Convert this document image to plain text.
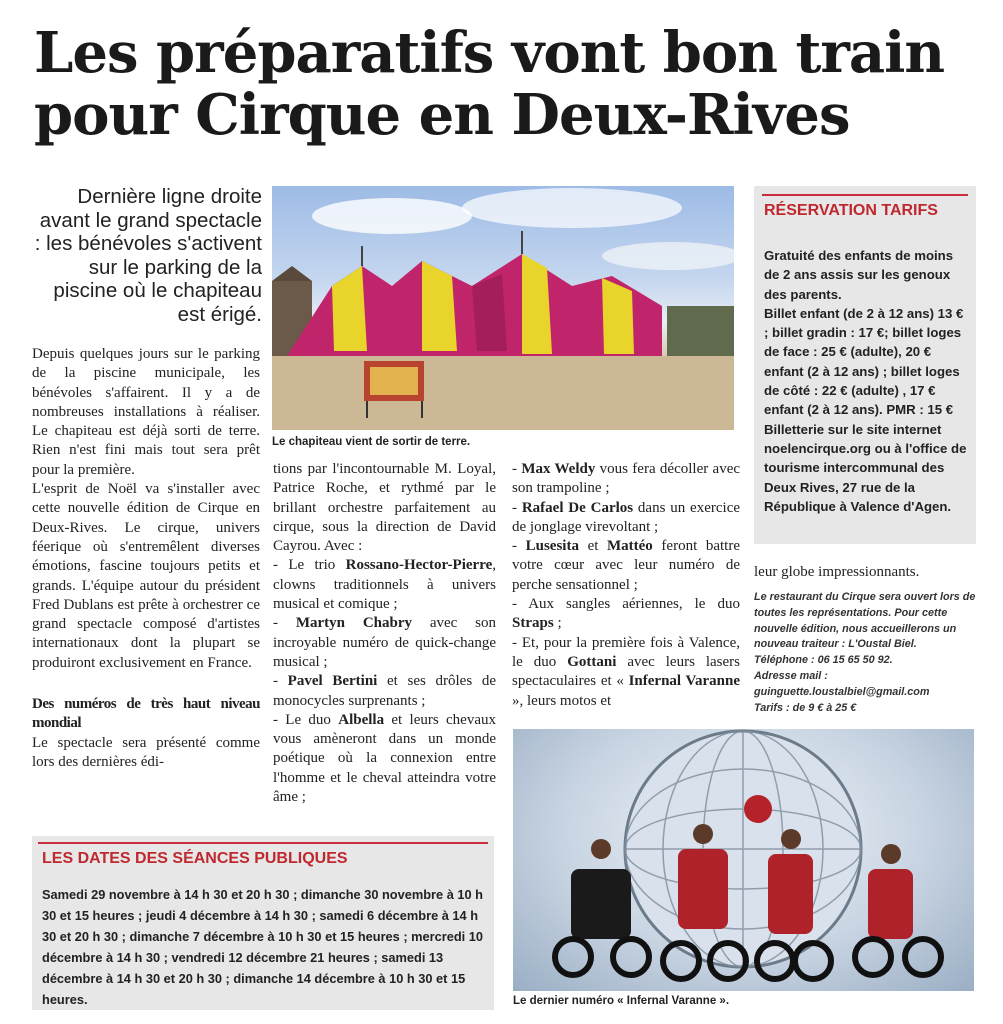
Les préparatifs vont bon train
pour Cirque en Deux-Rives
Dernière ligne droite avant le grand spectacle : les bénévoles s'activent sur le parking de la piscine où le chapiteau est érigé.

Depuis quelques jours sur le parking de la piscine municipale, les bénévoles s'affairent. Il y a de nombreuses installations à réaliser. Le chapiteau est déjà sorti de terre. Rien n'est fini mais tout sera prêt pour la première.

L'esprit de Noël va s'installer avec cette nouvelle édition de Cirque en Deux-Rives. Le cirque, univers féerique où s'entremêlent diverses émotions, fascine toujours petits et grands. L'équipe autour du président Fred Dublans est prête à orchestrer ce grand spectacle composé d'artistes internationaux dont la plupart se produiront exclusivement en France.

Des numéros de très haut niveau mondial

Le spectacle sera présenté comme lors des dernières édi-

Le chapiteau vient de sortir de terre.

tions par l'incontournable M. Loyal, Patrice Roche, et rythmé par le brillant orchestre parfaitement au cirque, sous la direction de David Cayrou. Avec :

- Le trio Rossano-Hector-Pierre, clowns traditionnels à univers musical et comique ;

- Martyn Chabry avec son incroyable numéro de quick-change musical ;

- Pavel Bertini et ses drôles de monocycles surprenants ;

- Le duo Albella et leurs chevaux vous amèneront dans un monde poétique où la connexion entre l'homme et le cheval atteindra votre âme ;

- Max Weldy vous fera décoller avec son trampoline ;

- Rafael De Carlos dans un exercice de jonglage virevoltant ;

- Lusesita et Mattéo feront battre votre cœur avec leur numéro de perche sensationnel ;

- Aux sangles aériennes, le duo Straps ;

- Et, pour la première fois à Valence, le duo Gottani avec leurs lasers spectaculaires et « Infernal Varanne », leurs motos et

RÉSERVATION TARIFS

Gratuité des enfants de moins de 2 ans assis sur les genoux des parents.

Billet enfant (de 2 à 12 ans) 13 € ; billet gradin : 17 €; billet loges de face : 25 € (adulte), 20 € enfant (2 à 12 ans) ; billet loges de côté : 22 € (adulte) , 17 € enfant (2 à 12 ans). PMR : 15 €

Billetterie sur le site internet noelencirque.org ou à l'office de tourisme intercommunal des Deux Rives, 27 rue de la République à Valence d'Agen.

leur globe impressionnants.

Le restaurant du Cirque sera ouvert lors de toutes les représentations. Pour cette nouvelle édition, nous accueillerons un nouveau traiteur : L'Oustal Biel.

Téléphone : 06 15 65 50 92.

Adresse mail : guinguette.loustalbiel@gmail.com

Tarifs : de 9 € à 25 €

Le dernier numéro « Infernal Varanne ».
LES DATES DES SÉANCES PUBLIQUES
Samedi 29 novembre à 14 h 30 et 20 h 30 ; dimanche 30 novembre à 10 h 30 et 15 heures ; jeudi 4 décembre à 14 h 30 ; samedi 6 décembre à 14 h 30 et 20 h 30 ; dimanche 7 décembre à 10 h 30 et 15 heures ; mercredi 10 décembre à 14 h 30 ; vendredi 12 décembre 21 heures ; samedi 13 décembre à 14 h 30 et 20 h 30 ; dimanche 14 décembre à 10 h 30 et 15 heures.
